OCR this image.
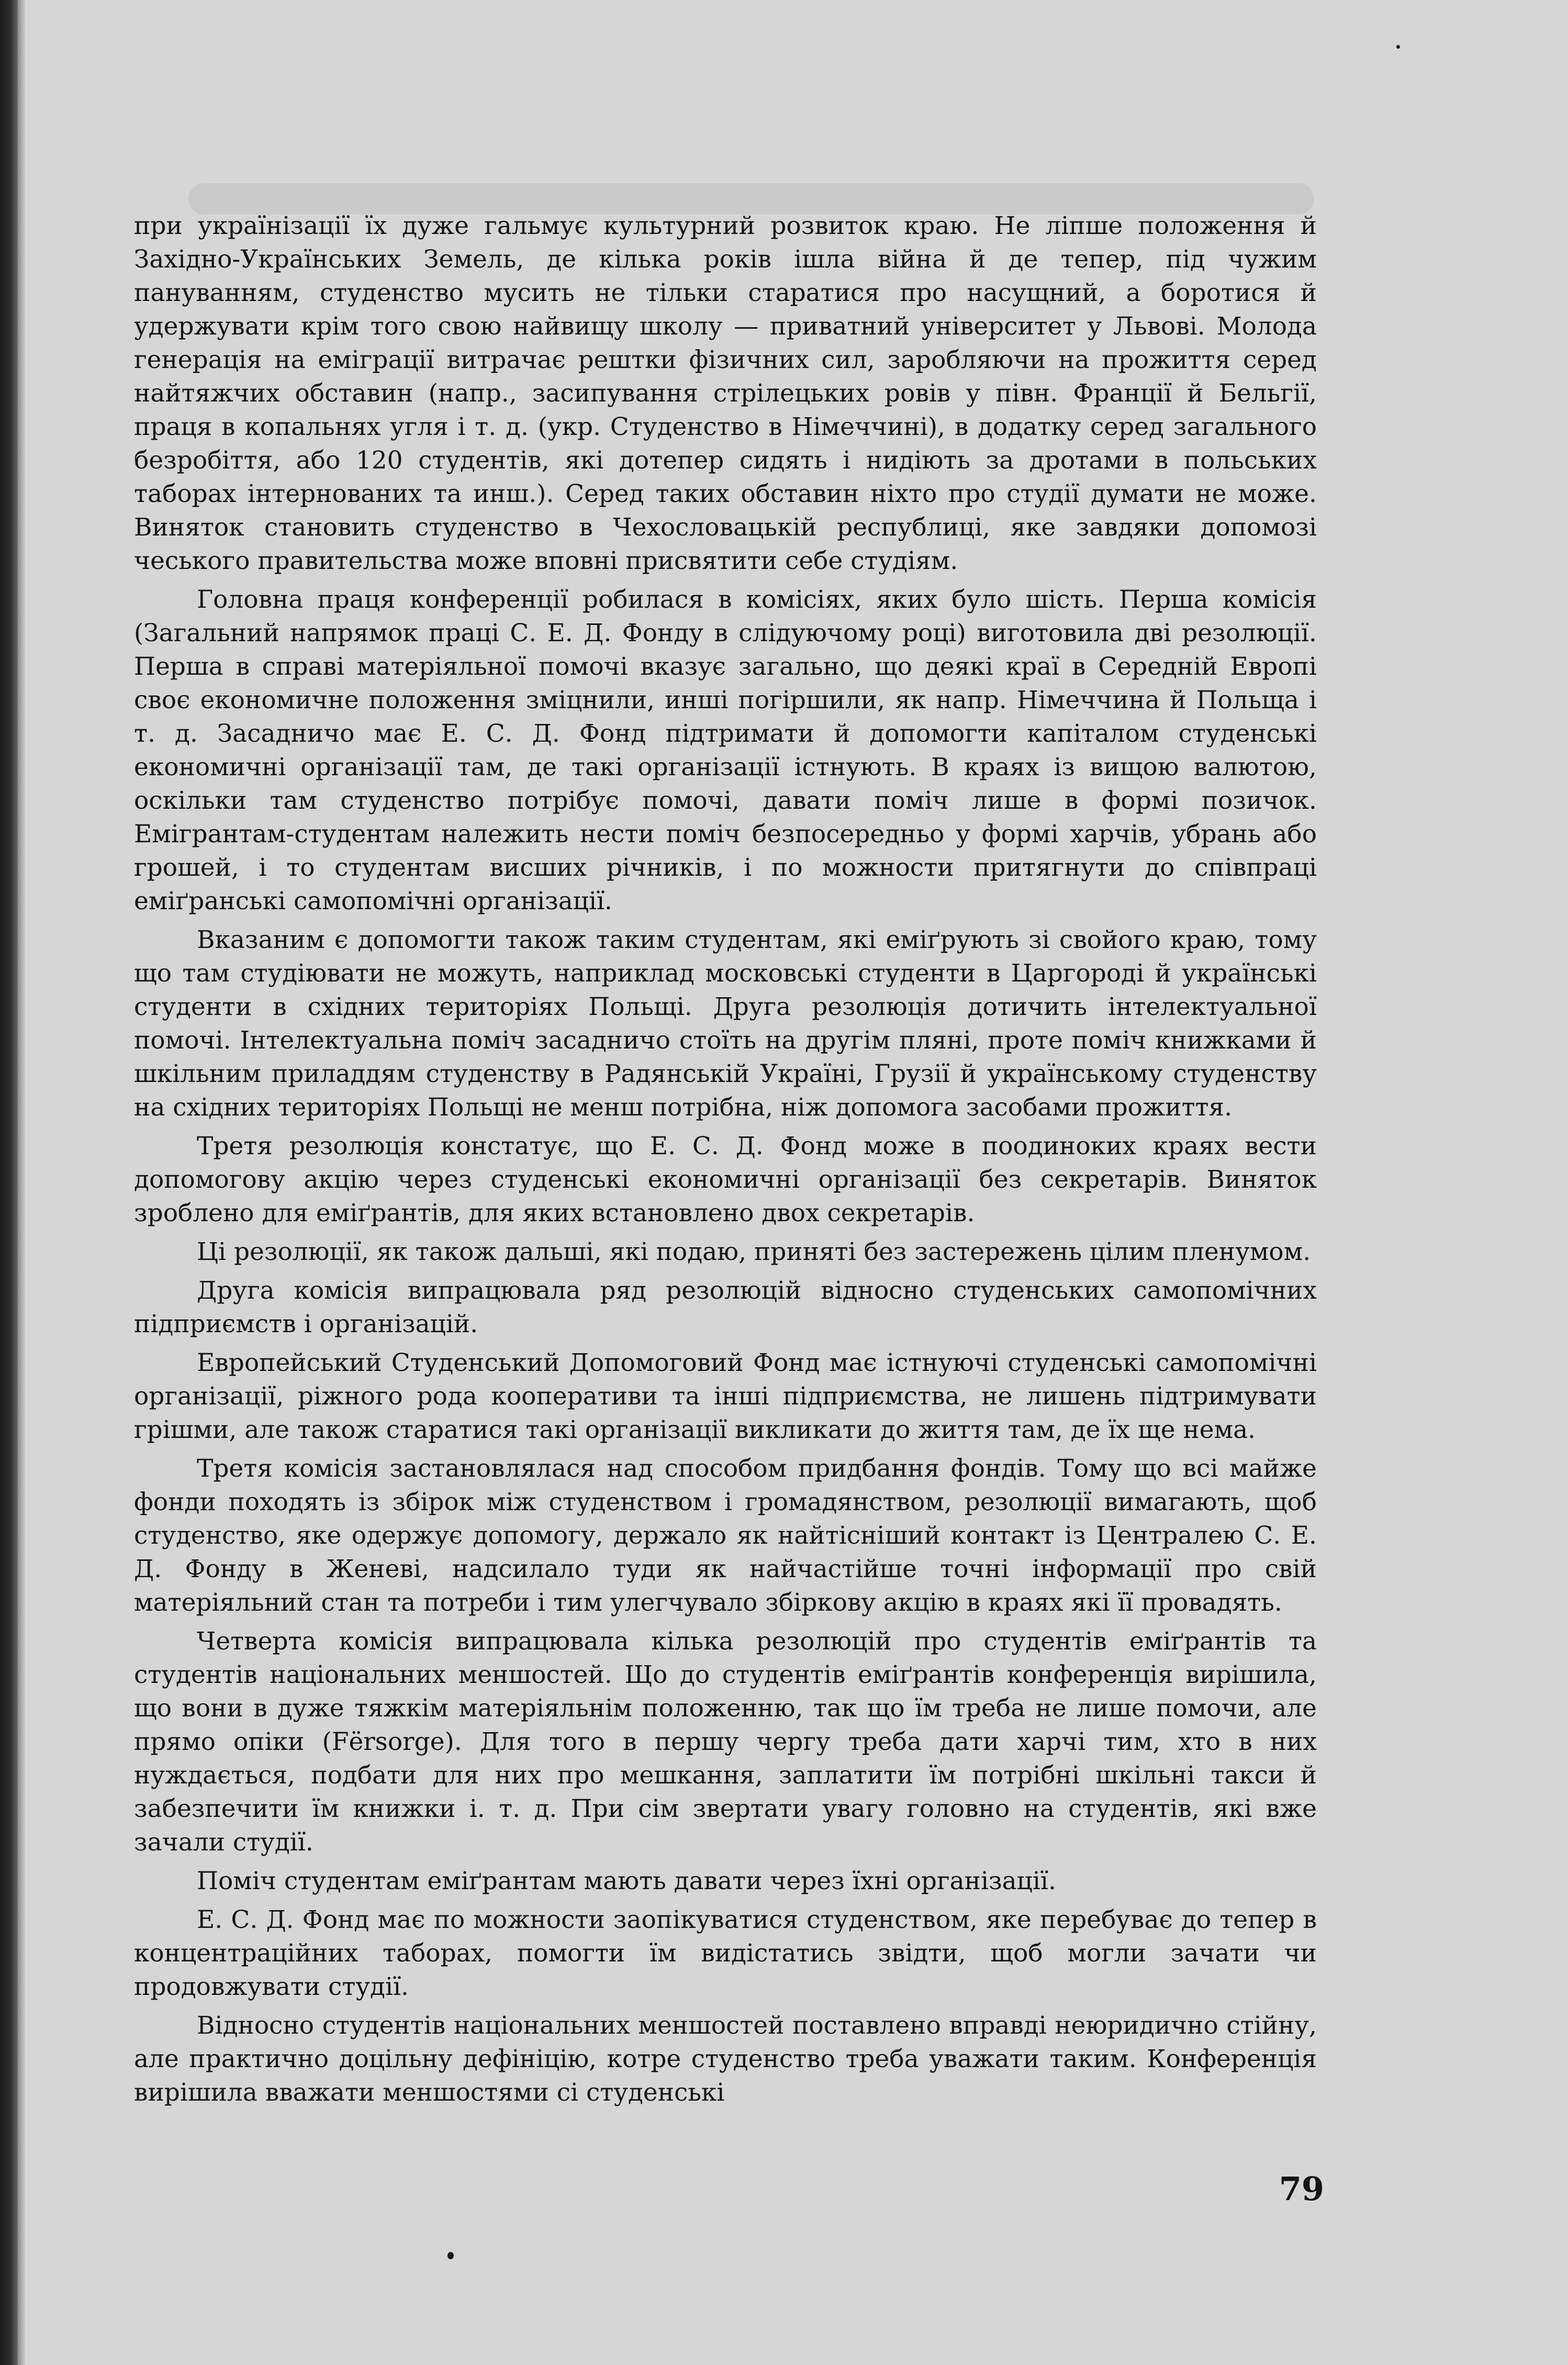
при українізації їх дуже гальмує культурний розвиток краю. Не ліпше положення й Західно-Українських Земель, де кілька років ішла війна й де тепер, під чужим пануванням, студенство мусить не тільки старатися про насущний, а боротися й удержувати крім того свою найвищу школу — приватний університет у Львові. Молода генерація на еміграції витрачає рештки фізичних сил, заробляючи на прожиття серед найтяжчих обставин (напр., засипування стрілецьких ровів у півн. Франції й Бельгії, праця в копальнях угля і т. д. (укр. Студенство в Німеччині), в додатку серед загального безробіття, або 120 студентів, які дотепер сидять і нидіють за дротами в польських таборах інтернованих та инш.). Серед таких обставин ніхто про студії думати не може. Виняток становить студенство в Чехословацькій республиці, яке завдяки допомозі чеського правительства може вповні присвятити себе студіям.

Головна праця конференції робилася в комісіях, яких було шість. Перша комісія (Загальний напрямок праці С. Е. Д. Фонду в слідуючому році) виготовила дві резолюції. Перша в справі матеріяльної помочі вказує загально, що деякі краї в Середній Европі своє економичне положення зміцнили, инші погіршили, як напр. Німеччина й Польща і т. д. Засадничо має Е. С. Д. Фонд підтримати й допомогти капіталом студенські економичні організації там, де такі організації істнують. В краях із вищою валютою, оскільки там студенство потрібує помочі, давати поміч лише в формі позичок. Емігрантам-студентам належить нести поміч безпосередньо у формі харчів, убрань або грошей, і то студентам висших річників, і по можности притягнути до співпраці еміґранські самопомічні організації.

Вказаним є допомогти також таким студентам, які еміґрують зі свойого краю, тому що там студіювати не можуть, наприклад московські студенти в Царгороді й українські студенти в східних територіях Польщі. Друга резолюція дотичить інтелектуальної помочі. Інтелектуальна поміч засадничо стоїть на другім пляні, проте поміч книжками й шкільним приладдям студенству в Радянській Україні, Грузії й українському студенству на східних територіях Польщі не менш потрібна, ніж допомога засобами прожиття.

Третя резолюція констатує, що Е. С. Д. Фонд може в поодиноких краях вести допомогову акцію через студенські економичні організації без секретарів. Виняток зроблено для еміґрантів, для яких встановлено двох секретарів.

Ці резолюції, як також дальші, які подаю, приняті без застережень цілим пленумом.

Друга комісія випрацювала ряд резолюцій відносно студенських самопомічних підприємств і організацій.

Европейський Студенський Допомоговий Фонд має істнуючі студенські самопомічні організації, ріжного рода кооперативи та інші підприємства, не лишень підтримувати грішми, але також старатися такі організації викликати до життя там, де їх ще нема.

Третя комісія застановлялася над способом придбання фондів. Тому що всі майже фонди походять із збірок між студенством і громадянством, резолюції вимагають, щоб студенство, яке одержує допомогу, держало як найтісніший контакт із Централею С. Е. Д. Фонду в Женеві, надсилало туди як найчастійше точні інформації про свій матеріяльний стан та потреби і тим улегчувало збіркову акцію в краях які її провадять.

Четверта комісія випрацювала кілька резолюцій про студентів еміґрантів та студентів національних меншостей. Що до студентів еміґрантів конференція вирішила, що вони в дуже тяжкім матеріяльнім положенню, так що їм треба не лише помочи, але прямо опіки (Fёrsorge). Для того в першу чергу треба дати харчі тим, хто в них нуждається, подбати для них про мешкання, заплатити їм потрібні шкільні такси й забезпечити їм книжки і. т. д. При сім звертати увагу головно на студентів, які вже зачали студії.

Поміч студентам еміґрантам мають давати через їхні організації.

Е. С. Д. Фонд має по можности заопікуватися студенством, яке перебуває до тепер в концентраційних таборах, помогти їм видістатись звідти, щоб могли зачати чи продовжувати студії.

Відносно студентів національних меншостей поставлено вправді неюридично стійну, але практично доцільну дефініцію, котре студенство треба уважати таким. Конференція вирішила вважати меншостями сі студенські

79
